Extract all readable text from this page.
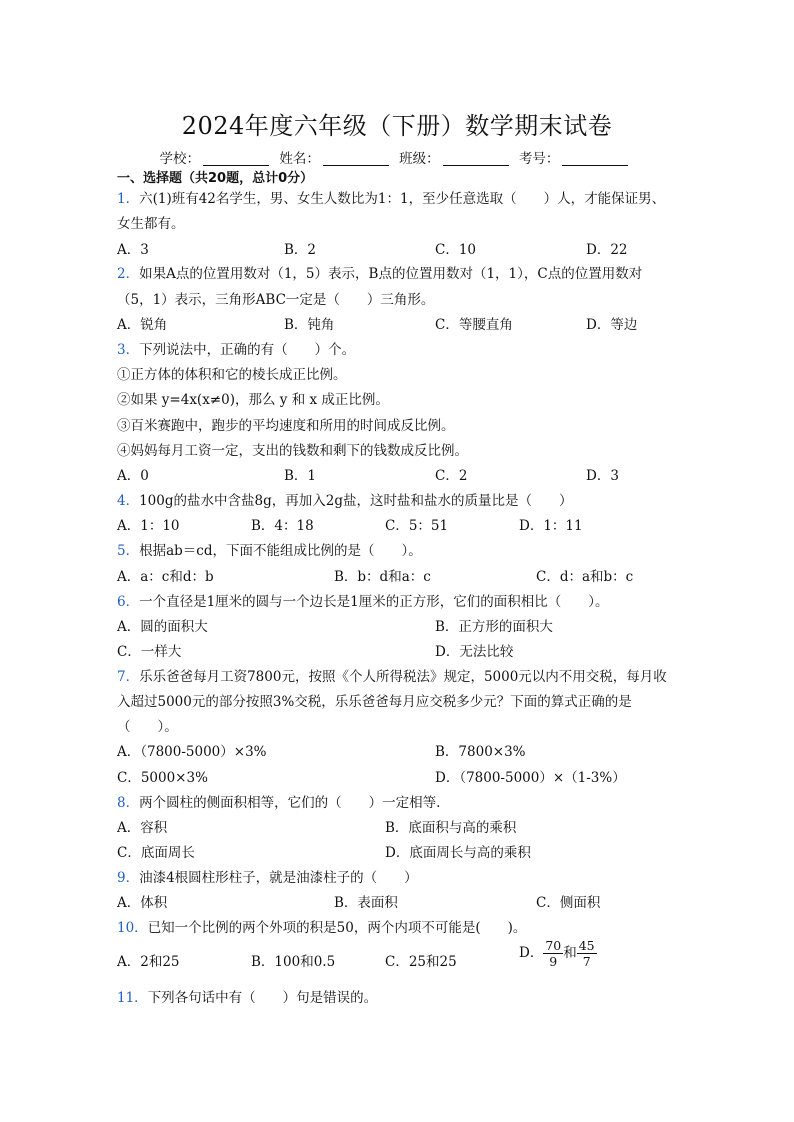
2024年度六年级（下册）数学期末试卷
学校：	姓名：	班级：	考号：
一、选择题（共20题，总计0分）
1．六(1)班有42名学生，男、女生人数比为1：1，至少任意选取（　　）人，才能保证男、
女生都有。
A．3	B．2	C．10	D．22
2．如果A点的位置用数对（1，5）表示，B点的位置用数对（1，1），C点的位置用数对
（5，1）表示，三角形ABC一定是（　　）三角形。
A．锐角	B．钝角	C．等腰直角	D．等边
3．下列说法中，正确的有（　　）个。
①正方体的体积和它的棱长成正比例。
②如果 y=4x(x≠0)，那么 y 和 x 成正比例。
③百米赛跑中，跑步的平均速度和所用的时间成反比例。
④妈妈每月工资一定，支出的钱数和剩下的钱数成反比例。
A．0	B．1	C．2	D．3
4．100g的盐水中含盐8g，再加入2g盐，这时盐和盐水的质量比是（　　）
A．1：10	B．4：18	C．5：51	D．1：11
5．根据ab＝cd，下面不能组成比例的是（　　）。
A．a：c和d：b	B．b：d和a：c	C．d：a和b：c
6．一个直径是1厘米的圆与一个边长是1厘米的正方形，它们的面积相比（　　）。
A．圆的面积大	B．正方形的面积大
C．一样大	D．无法比较
7．乐乐爸爸每月工资7800元，按照《个人所得税法》规定，5000元以内不用交税，每月收
入超过5000元的部分按照3%交税，乐乐爸爸每月应交税多少元？下面的算式正确的是
（　　）。
A．（7800-5000）×3%	B．7800×3%
C．5000×3%	D．（7800-5000）×（1-3%）
8．两个圆柱的侧面积相等，它们的（　　）一定相等.
A．容积	B．底面积与高的乘积
C．底面周长	D．底面周长与高的乘积
9．油漆4根圆柱形柱子，就是油漆柱子的（　　）
A．体积	B．表面积	C．侧面积
10．已知一个比例的两个外项的积是50，两个内项不可能是(　　)。
A．2和25	B．100和0.5	C．25和25
D． $\frac{70}{9}$ 和 $\frac{45}{7}$
11．下列各句话中有（　　）句是错误的。
